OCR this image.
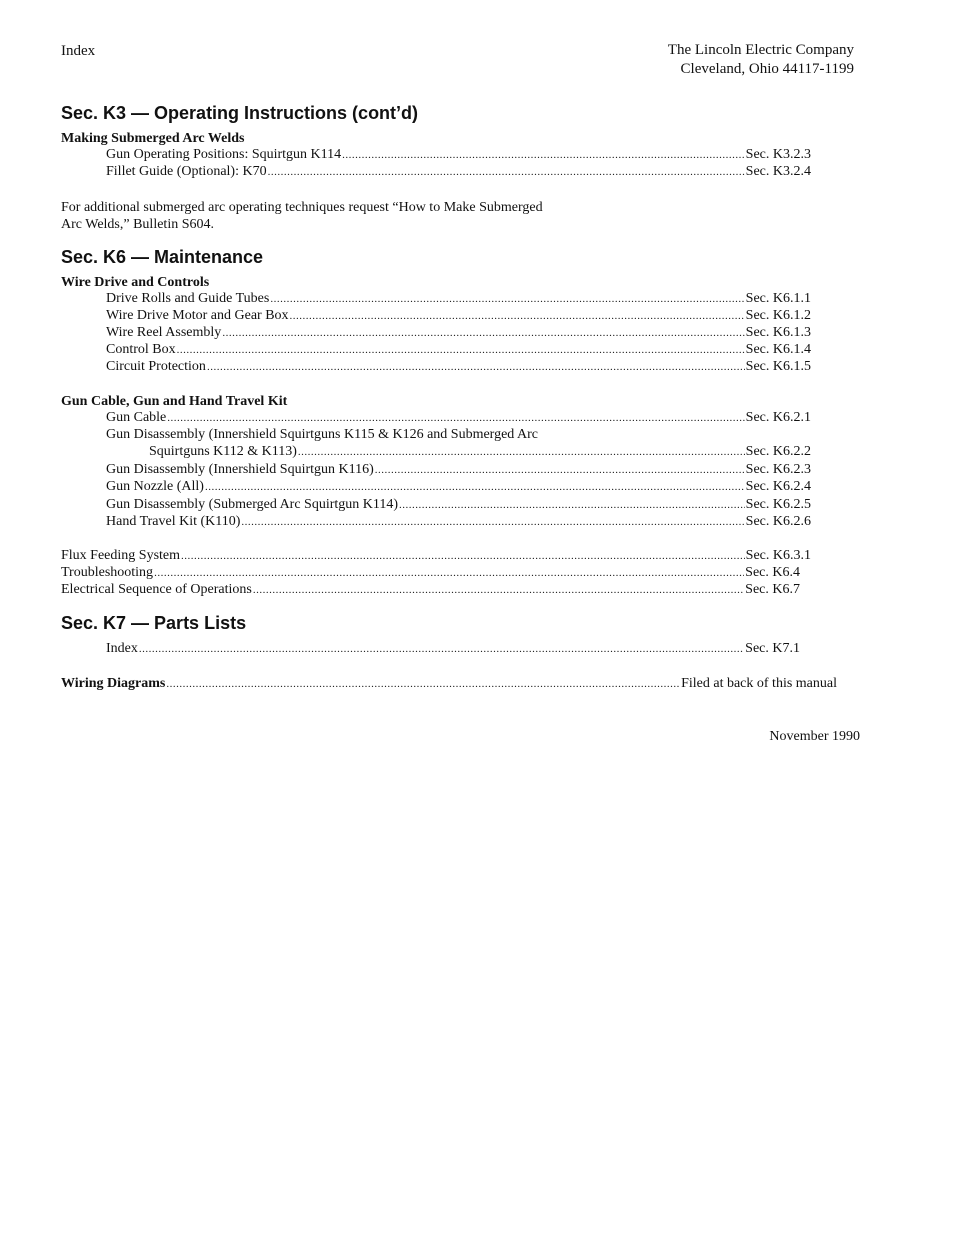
Index	The Lincoln Electric Company
Cleveland, Ohio 44117-1199
Sec. K3 — Operating Instructions (cont’d)
Making Submerged Arc Welds
Gun Operating Positions: Squirtgun K114 .....	Sec. K3.2.3
Fillet Guide (Optional): K70 .....	Sec. K3.2.4
For additional submerged arc operating techniques request “How to Make Submerged
Arc Welds,” Bulletin S604.
Sec. K6 — Maintenance
Wire Drive and Controls
Drive Rolls and Guide Tubes .....	Sec. K6.1.1
Wire Drive Motor and Gear Box .....	Sec. K6.1.2
Wire Reel Assembly .....	Sec. K6.1.3
Control Box .....	Sec. K6.1.4
Circuit Protection .....	Sec. K6.1.5
Gun Cable, Gun and Hand Travel Kit
Gun Cable .....	Sec. K6.2.1
Gun Disassembly (Innershield Squirtguns K115 & K126 and Submerged Arc
Squirtguns K112 & K113) .....	Sec. K6.2.2
Gun Disassembly (Innershield Squirtgun K116) .....	Sec. K6.2.3
Gun Nozzle (All) .....	Sec. K6.2.4
Gun Disassembly (Submerged Arc Squirtgun K114) .....	Sec. K6.2.5
Hand Travel Kit (K110) .....	Sec. K6.2.6
Flux Feeding System .....	Sec. K6.3.1
Troubleshooting .....	Sec. K6.4
Electrical Sequence of Operations .....	Sec. K6.7
Sec. K7 — Parts Lists
Index .....	Sec. K7.1
Wiring Diagrams .....	Filed at back of this manual
November 1990
